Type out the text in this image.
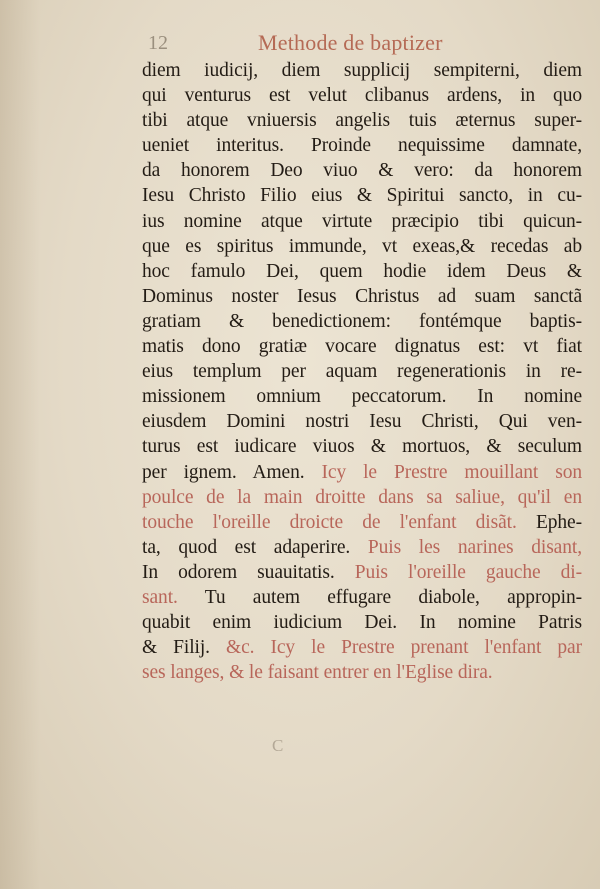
12	Methode de baptizer
diem iudicij, diem supplicij sempiterni, diem
qui venturus est velut clibanus ardens, in quo
tibi atque vniuersis angelis tuis æternus super-
ueniet interitus. Proinde nequissime damnate,
da honorem Deo viuo & vero: da honorem
Iesu Christo Filio eius & Spiritui sancto, in cu-
ius nomine atque virtute præcipio tibi quicun-
que es spiritus immunde, vt exeas,& recedas ab
hoc famulo Dei, quem hodie idem Deus &
Dominus noster Iesus Christus ad suam sanctã
gratiam & benedictionem: fontémque baptis-
matis dono gratiæ vocare dignatus est: vt fiat
eius templum per aquam regenerationis in re-
missionem omnium peccatorum. In nomine
eiusdem Domini nostri Iesu Christi, Qui ven-
turus est iudicare viuos & mortuos, & seculum
per ignem. Amen. Icy le Prestre mouillant son
poulce de la main droitte dans sa saliue, qu'il en
touche l'oreille droicte de l'enfant disãt. Ephe-
ta, quod est adaperire. Puis les narines disant,
In odorem suauitatis. Puis l'oreille gauche di-
sant. Tu autem effugare diabole, appropin-
quabit enim iudicium Dei. In nomine Patris
& Filij. &c. Icy le Prestre prenant l'enfant par
ses langes, & le faisant entrer en l'Eglise dira.
C
